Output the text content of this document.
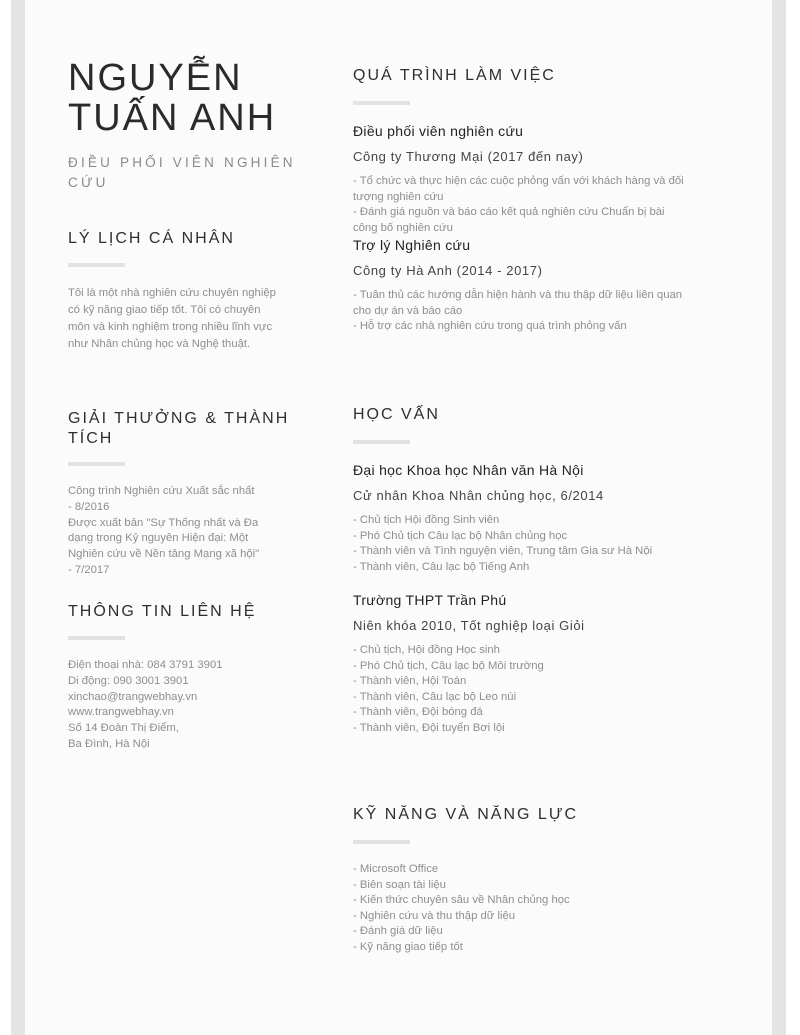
NGUYỄN
TUẤN ANH
ĐIỀU PHỐI VIÊN NGHIÊN
CỨU
LÝ LỊCH CÁ NHÂN
Tôi là một nhà nghiên cứu chuyên nghiệp
có kỹ năng giao tiếp tốt. Tôi có chuyên
môn và kinh nghiệm trong nhiều lĩnh vực
như Nhân chủng học và Nghệ thuật.
GIẢI THƯỞNG & THÀNH
TÍCH
Công trình Nghiên cứu Xuất sắc nhất
- 8/2016
Được xuất bản "Sự Thống nhất và Đa
dạng trong Kỷ nguyên Hiện đại: Một
Nghiên cứu về Nền tảng Mạng xã hội"
- 7/2017
THÔNG TIN LIÊN HỆ
Điện thoại nhà: 084 3791 3901
Di động: 090 3001 3901
xinchao@trangwebhay.vn
www.trangwebhay.vn
Số 14 Đoàn Thị Điểm,
Ba Đình, Hà Nội
QUÁ TRÌNH LÀM VIỆC
Điều phối viên nghiên cứu
Công ty Thương Mại (2017 đến nay)
- Tổ chức và thực hiện các cuộc phỏng vấn với khách hàng và đối
tượng nghiên cứu
- Đánh giá nguồn và báo cáo kết quả nghiên cứu Chuẩn bị bài
công bố nghiên cứu
Trợ lý Nghiên cứu
Công ty Hà Anh (2014 - 2017)
- Tuân thủ các hướng dẫn hiện hành và thu thập dữ liệu liên quan
cho dự án và báo cáo
- Hỗ trợ các nhà nghiên cứu trong quá trình phỏng vấn
HỌC VẤN
Đại học Khoa học Nhân văn Hà Nội
Cử nhân Khoa Nhân chủng học, 6/2014
- Chủ tịch Hội đồng Sinh viên
- Phó Chủ tịch Câu lạc bộ Nhân chủng học
- Thành viên và Tình nguyện viên, Trung tâm Gia sư Hà Nội
- Thành viên, Câu lạc bộ Tiếng Anh
Trường THPT Trần Phú
Niên khóa 2010, Tốt nghiệp loại Giỏi
- Chủ tịch, Hội đồng Học sinh
- Phó Chủ tịch, Câu lạc bộ Môi trường
- Thành viên, Hội Toán
- Thành viên, Câu lạc bộ Leo núi
- Thành viên, Đội bóng đá
- Thành viên, Đội tuyển Bơi lội
KỸ NĂNG VÀ NĂNG LỰC
- Microsoft Office
- Biên soạn tài liệu
- Kiến thức chuyên sâu về Nhân chủng học
- Nghiên cứu và thu thập dữ liệu
- Đánh giá dữ liệu
- Kỹ năng giao tiếp tốt
